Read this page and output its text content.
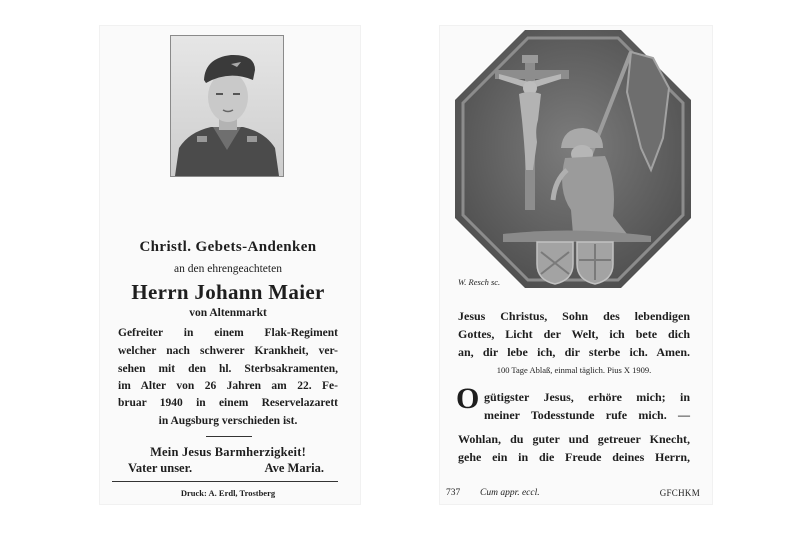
Christl. Gebets-Andenken
an den ehrengeachteten
Herrn Johann Maier
von Altenmarkt
Gefreiter in einem Flak-Regiment
welcher nach schwerer Krankheit, ver-
sehen mit den hl. Sterbsakramenten,
im Alter von 26 Jahren am 22. Fe-
bruar 1940 in einem Reservelazarett
in Augsburg verschieden ist.
Mein Jesus Barmherzigkeit!
Vater unser.	Ave Maria.
Druck: A. Erdl, Trostberg
W. Resch sc.
Jesus Christus, Sohn des lebendigen
Gottes, Licht der Welt, ich bete dich
an, dir lebe ich, dir sterbe ich. Amen.
100 Tage Ablaß, einmal täglich. Pius X 1909.
O gütigster Jesus, erhöre mich; in
meiner Todesstunde rufe mich. —
Wohlan, du guter und getreuer Knecht,
gehe ein in die Freude deines Herrn,
737 Cum appr. eccl.	GFCHKM
